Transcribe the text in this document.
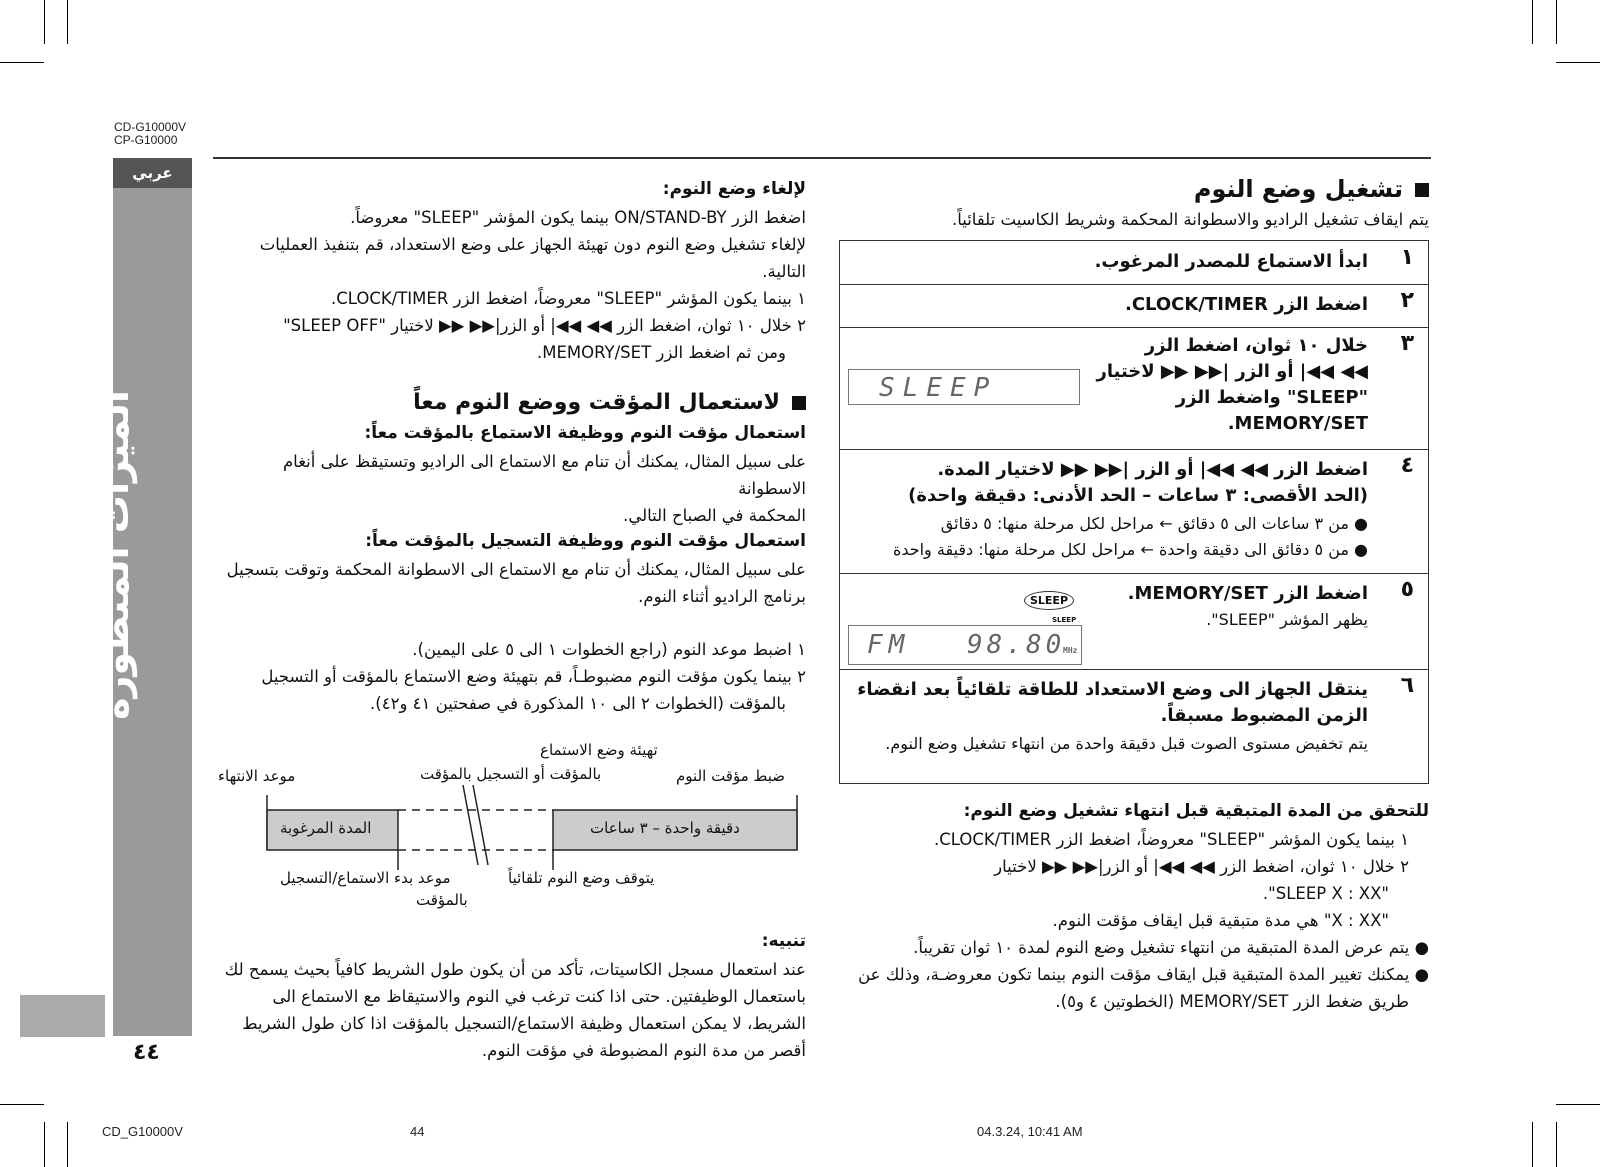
CD-G10000V
CP-G10000
عربي
الميزات المتطورة
٤٤
تشغيل وضع النوم
يتم ايقاف تشغيل الراديو والاسطوانة المحكمة وشريط الكاسيت تلقائياً.
١
ابدأ الاستماع للمصدر المرغوب.
٢
اضغط الزر CLOCK/TIMER.
٣
خلال ١٠ ثوان، اضغط الزر
◀◀ ◀◀| أو الزر |▶▶ ▶▶ لاختيار
"SLEEP" واضغط الزر
MEMORY/SET.
SLEEP
٤
اضغط الزر ◀◀ ◀◀| أو الزر |▶▶ ▶▶ لاختيار المدة.
(الحد الأقصى: ٣ ساعات – الحد الأدنى: دقيقة واحدة)
● من ٣ ساعات الى ٥ دقائق ← مراحل لكل مرحلة منها: ٥ دقائق
● من ٥ دقائق الى دقيقة واحدة ← مراحل لكل مرحلة منها: دقيقة واحدة
٥
اضغط الزر MEMORY/SET.
يظهر المؤشر "SLEEP".
SLEEP
SLEEP
FM 98.80
MHz
٦
ينتقل الجهاز الى وضع الاستعداد للطاقة تلقائياً بعد انقضاء
الزمن المضبوط مسبقاً.
يتم تخفيض مستوى الصوت قبل دقيقة واحدة من انتهاء تشغيل وضع النوم.
للتحقق من المدة المتبقية قبل انتهاء تشغيل وضع النوم:
١ بينما يكون المؤشر "SLEEP" معروضاً، اضغط الزر CLOCK/TIMER.
٢ خلال ١٠ ثوان، اضغط الزر ◀◀ ◀◀| أو الزر|▶▶ ▶▶ لاختيار
"SLEEP X : XX".
"X : XX" هي مدة متبقية قبل ايقاف مؤقت النوم.
● يتم عرض المدة المتبقية من انتهاء تشغيل وضع النوم لمدة ١٠ ثوان تقريباً.
● يمكنك تغيير المدة المتبقية قبل ايقاف مؤقت النوم بينما تكون معروضـة، وذلك عن
طريق ضغط الزر MEMORY/SET (الخطوتين ٤ و٥).
لإلغاء وضع النوم:
اضغط الزر ON/STAND-BY بينما يكون المؤشر "SLEEP" معروضاً.
لإلغاء تشغيل وضع النوم دون تهيئة الجهاز على وضع الاستعداد، قم بتنفيذ العمليات
التالية.
١ بينما يكون المؤشر "SLEEP" معروضاً، اضغط الزر CLOCK/TIMER.
٢ خلال ١٠ ثوان، اضغط الزر ◀◀ ◀◀| أو الزر|▶▶ ▶▶ لاختيار "SLEEP OFF"
ومن ثم اضغط الزر MEMORY/SET.
لاستعمال المؤقت ووضع النوم معاً
استعمال مؤقت النوم ووظيفة الاستماع بالمؤقت معاً:
على سبيل المثال، يمكنك أن تنام مع الاستماع الى الراديو وتستيقظ على أنغام الاسطوانة
المحكمة في الصباح التالي.
استعمال مؤقت النوم ووظيفة التسجيل بالمؤقت معاً:
على سبيل المثال، يمكنك أن تنام مع الاستماع الى الاسطوانة المحكمة وتوقت بتسجيل
برنامج الراديو أثناء النوم.
١ اضبط موعد النوم (راجع الخطوات ١ الى ٥ على اليمين).
٢ بينما يكون مؤقت النوم مضبوطـاً، قم بتهيئة وضع الاستماع بالمؤقت أو التسجيل
بالمؤقت (الخطوات ٢ الى ١٠ المذكورة في صفحتين ٤١ و٤٢).
تهيئة وضع الاستماع
بالمؤقت أو التسجيل بالمؤقت	ضبط مؤقت النوم
موعد الانتهاء
المدة المرغوبة	دقيقة واحدة – ٣ ساعات
يتوقف وضع النوم تلقائياً
موعد بدء الاستماع/التسجيل
بالمؤقت
تنبيه:
عند استعمال مسجل الكاسيتات، تأكد من أن يكون طول الشريط كافياً بحيث يسمح لك
باستعمال الوظيفتين. حتى اذا كنت ترغب في النوم والاستيقاظ مع الاستماع الى
الشريط، لا يمكن استعمال وظيفة الاستماع/التسجيل بالمؤقت اذا كان طول الشريط
أقصر من مدة النوم المضبوطة في مؤقت النوم.
CD_G10000V	44	04.3.24, 10:41 AM
